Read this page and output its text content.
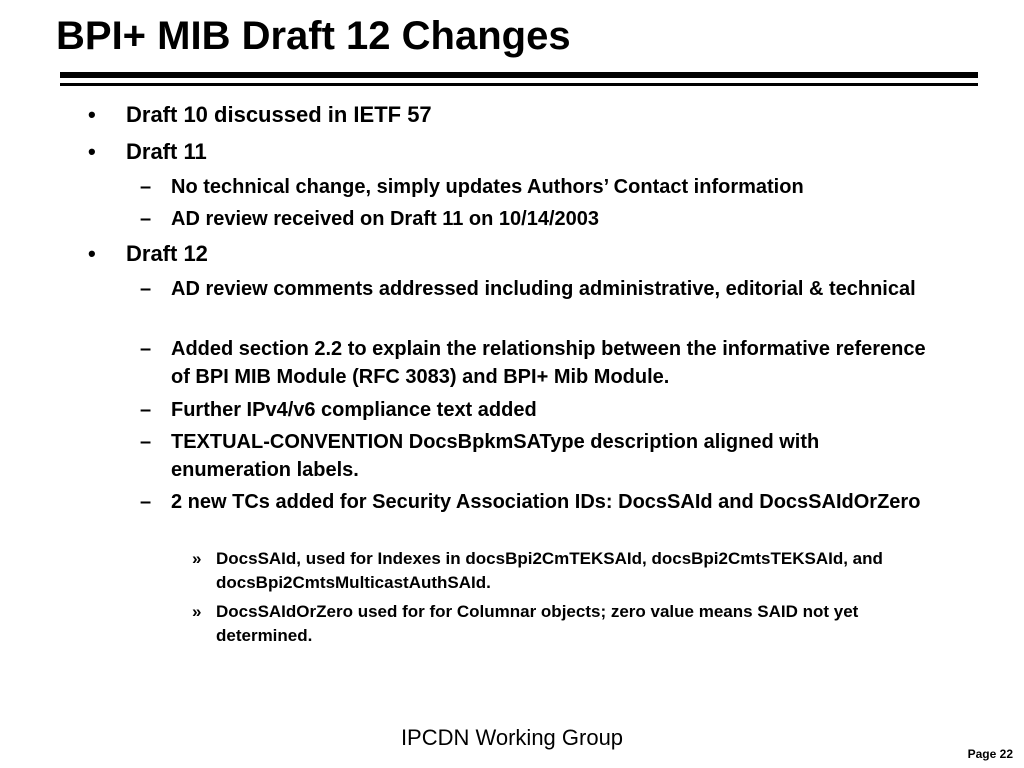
BPI+ MIB Draft 12 Changes
• Draft 10 discussed in IETF 57
• Draft 11
– No technical change, simply updates Authors’ Contact information
– AD review received on Draft 11 on 10/14/2003
• Draft 12
– AD review comments addressed including administrative, editorial & technical
– Added section 2.2 to explain the relationship between the informative reference of BPI MIB Module (RFC 3083) and BPI+ Mib Module.
– Further IPv4/v6 compliance text added
– TEXTUAL-CONVENTION DocsBpkmSAType description aligned with enumeration labels.
– 2 new TCs added for Security Association IDs: DocsSAId and DocsSAIdOrZero
» DocsSAId, used for Indexes in docsBpi2CmTEKSAId, docsBpi2CmtsTEKSAId, and docsBpi2CmtsMulticastAuthSAId.
» DocsSAIdOrZero used for for Columnar objects; zero value means SAID not yet determined.
IPCDN Working Group
Page 22
